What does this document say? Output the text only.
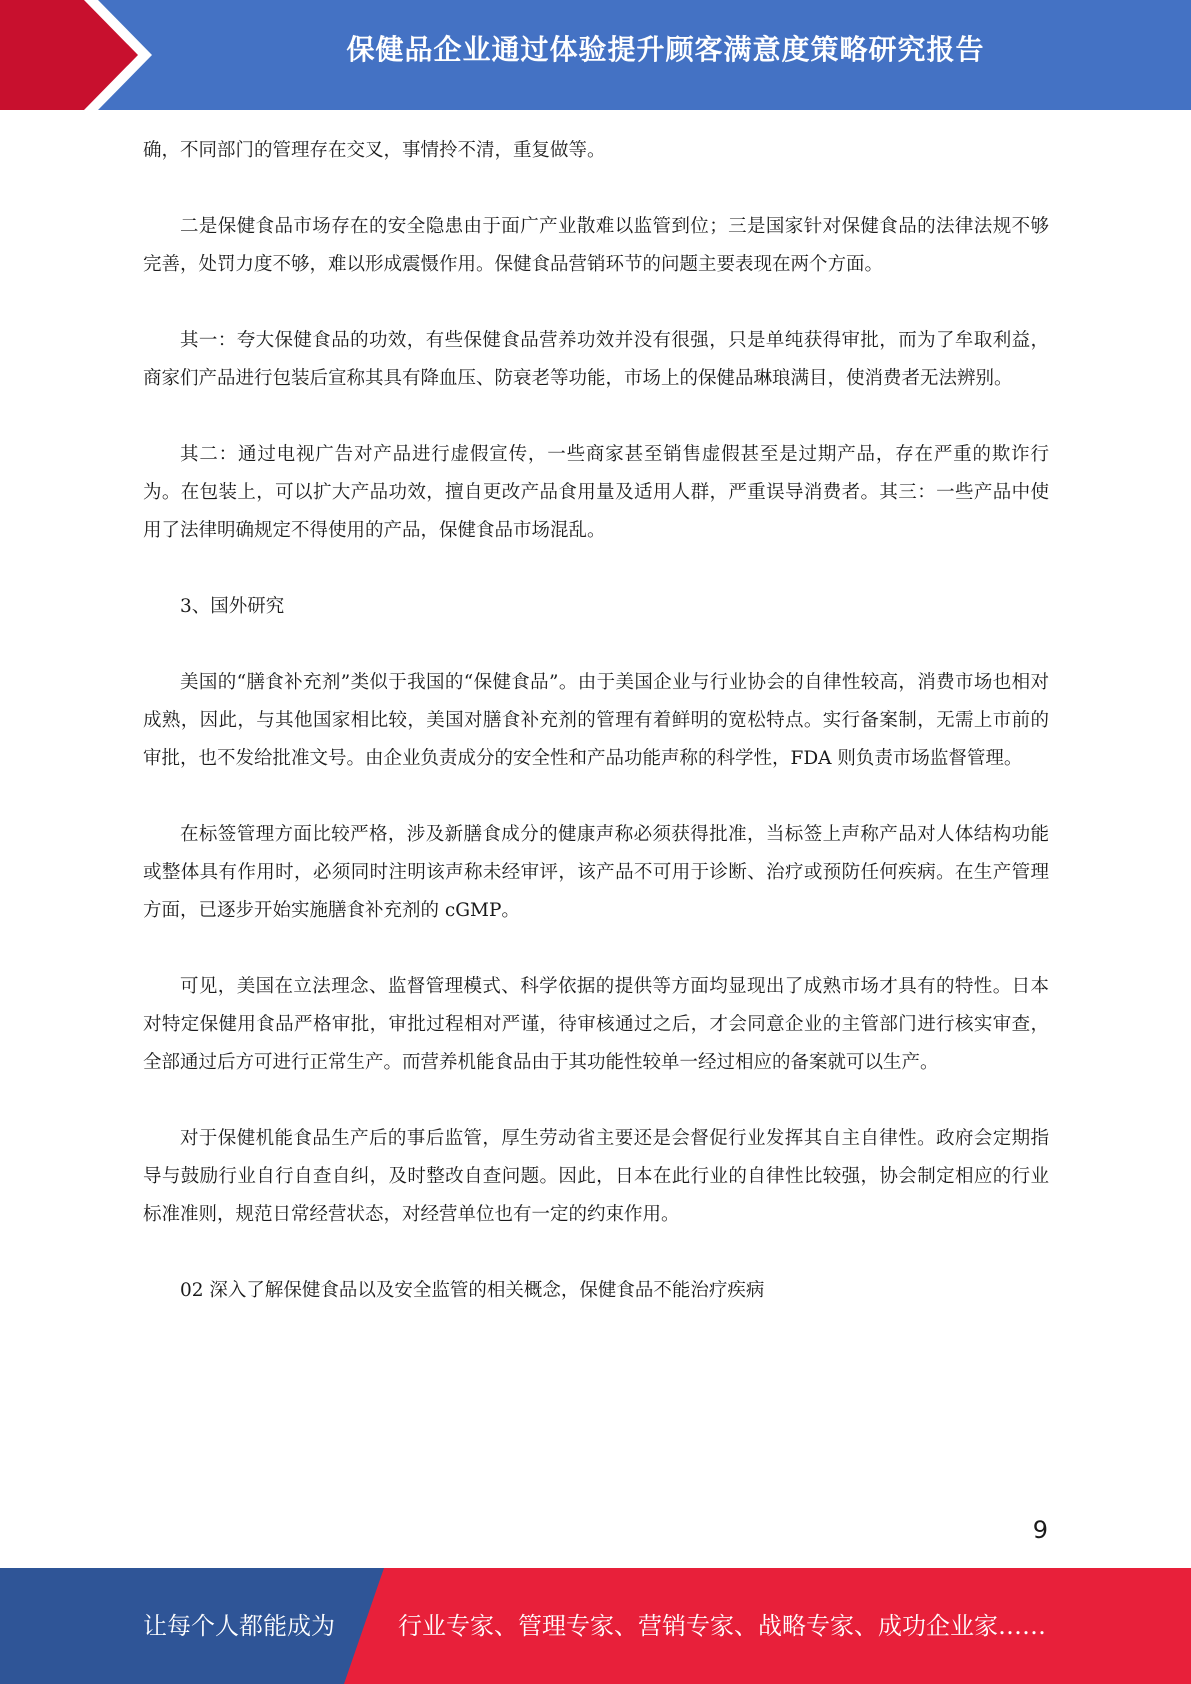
保健品企业通过体验提升顾客满意度策略研究报告

确，不同部门的管理存在交叉，事情拎不清，重复做等。

二是保健食品市场存在的安全隐患由于面广产业散难以监管到位；三是国家针对保健食品的法律法规不够完善，处罚力度不够，难以形成震慑作用。保健食品营销环节的问题主要表现在两个方面。

其一：夸大保健食品的功效，有些保健食品营养功效并没有很强，只是单纯获得审批，而为了牟取利益，商家们产品进行包装后宣称其具有降血压、防衰老等功能，市场上的保健品琳琅满目，使消费者无法辨别。

其二：通过电视广告对产品进行虚假宣传，一些商家甚至销售虚假甚至是过期产品，存在严重的欺诈行为。在包装上，可以扩大产品功效，擅自更改产品食用量及适用人群，严重误导消费者。其三：一些产品中使用了法律明确规定不得使用的产品，保健食品市场混乱。

3、国外研究

美国的“膳食补充剂”类似于我国的“保健食品”。由于美国企业与行业协会的自律性较高，消费市场也相对成熟，因此，与其他国家相比较，美国对膳食补充剂的管理有着鲜明的宽松特点。实行备案制，无需上市前的审批，也不发给批准文号。由企业负责成分的安全性和产品功能声称的科学性，FDA 则负责市场监督管理。

在标签管理方面比较严格，涉及新膳食成分的健康声称必须获得批准，当标签上声称产品对人体结构功能或整体具有作用时，必须同时注明该声称未经审评，该产品不可用于诊断、治疗或预防任何疾病。在生产管理方面，已逐步开始实施膳食补充剂的 cGMP。

可见，美国在立法理念、监督管理模式、科学依据的提供等方面均显现出了成熟市场才具有的特性。日本对特定保健用食品严格审批，审批过程相对严谨，待审核通过之后，才会同意企业的主管部门进行核实审查，全部通过后方可进行正常生产。而营养机能食品由于其功能性较单一经过相应的备案就可以生产。

对于保健机能食品生产后的事后监管，厚生劳动省主要还是会督促行业发挥其自主自律性。政府会定期指导与鼓励行业自行自查自纠，及时整改自查问题。因此，日本在此行业的自律性比较强，协会制定相应的行业标准准则，规范日常经营状态，对经营单位也有一定的约束作用。

02 深入了解保健食品以及安全监管的相关概念，保健食品不能治疗疾病

9
让每个人都能成为	行业专家、管理专家、营销专家、战略专家、成功企业家……
